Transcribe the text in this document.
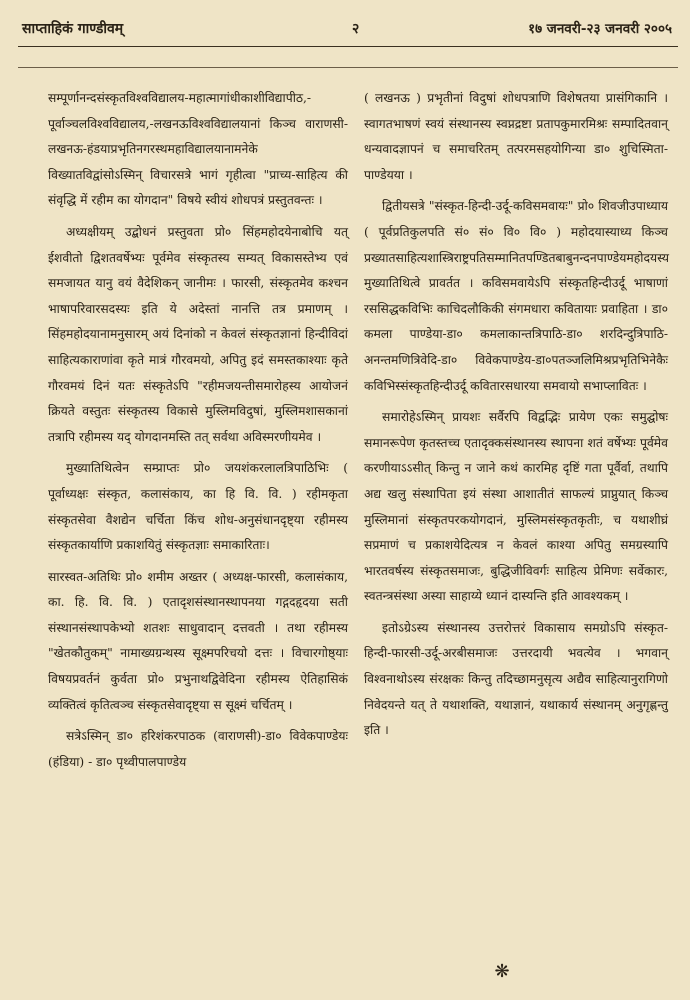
साप्ताहिकं गाण्डीवम्	२	१७ जनवरी-२३ जनवरी २००५

सम्पूर्णानन्दसंस्कृतविश्वविद्यालय-महात्मागांधीकाशीविद्यापीठ,-पूर्वाञ्चलविश्वविद्यालय,-लखनऊविश्वविद्यालयानां किञ्च वाराणसी-लखनऊ-हंडयाप्रभृतिनगरस्थमहाविद्यालयानामनेके विख्यातविद्वांसोऽस्मिन् विचारसत्रे भागं गृहीत्वा "प्राच्य-साहित्य की संवृद्धि में रहीम का योगदान" विषये स्वीयं शोधपत्रं प्रस्तुतवन्तः ।

अध्यक्षीयम् उद्बोधनं प्रस्तुवता प्रो० सिंहमहोदयेनाबोचि यत् ईशवीतो द्विशतवर्षेभ्यः पूर्वमेव संस्कृतस्य सम्यत् विकासस्तेभ्य एवं समजायत यानु वयं वैदेशिकन् जानीमः । फारसी, संस्कृतमेव कश्चन भाषापरिवारसदस्यः इति ये अदेस्तां नानत्ति तत्र प्रमाणम् । सिंहमहोदयानामनुसारम् अयं दिनांको न केवलं संस्कृतज्ञानां हिन्दीविदां साहित्यकाराणांवा कृते मात्रं गौरवमयो, अपितु इदं समस्तकाश्याः कृते गौरवमयं दिनं यतः संस्कृतेऽपि "रहीमजयन्तीसमारोहस्य आयोजनं क्रियते वस्तुतः संस्कृतस्य विकासे मुस्लिमविदुषां, मुस्लिमशासकानां तत्रापि रहीमस्य यद् योगदानमस्ति तत् सर्वथा अविस्मरणीयमेव ।

मुख्यातिथित्वेन सम्प्राप्तः प्रो० जयशंकरलालत्रिपाठिभिः ( पूर्वाध्यक्षः संस्कृत, कलासंकाय, का हि वि. वि. ) रहीमकृता संस्कृतसेवा वैशद्येन चर्चिता किंच शोध-अनुसंधानदृष्ट्या रहीमस्य संस्कृतकार्याणि प्रकाशयितुं संस्कृतज्ञाः समाकारिताः।

सारस्वत-अतिथिः प्रो० शमीम अख्तर ( अध्यक्ष-फारसी, कलासंकाय, का. हि. वि. वि. ) एतादृशसंस्थानस्थापनया गद्गदहृदया सती संस्थानसंस्थापकेभ्यो शतशः साधुवादान् दत्तवती । तथा रहीमस्य "खेतकौतुकम्" नामाख्यग्रन्थस्य सूक्ष्मपरिचयो दत्तः । विचारगोष्ठ्याः विषयप्रवर्तनं कुर्वता प्रो० प्रभुनाथद्विवेदिना रहीमस्य ऐतिहासिकं व्यक्तित्वं कृतित्वञ्च संस्कृतसेवादृष्ट्या स सूक्ष्मं चर्चितम् ।

सत्रेऽस्मिन् डा० हरिशंकरपाठक (वाराणसी)-डा० विवेकपाण्डेयः (हंडिया) - डा० पृथ्वीपालपाण्डेय

( लखनऊ ) प्रभृतीनां विदुषां शोधपत्राणि विशेषतया प्रासंगिकानि । स्वागतभाषणं स्वयं संस्थानस्य स्वप्नद्रष्टा प्रतापकुमारमिश्रः सम्पादितवान् धन्यवादज्ञापनं च समाचरितम् तत्परमसहयोगिन्या डा० शुचिस्मिता-पाण्डेयया ।

द्वितीयसत्रे "संस्कृत-हिन्दी-उर्दू-कविसमवायः" प्रो० शिवजीउपाध्याय ( पूर्वप्रतिकुलपति सं० सं० वि० वि० ) महोदयास्याध्य किञ्च प्रख्यातसाहित्यशास्त्रिराष्ट्रपतिसम्मानितपण्डितबाबुनन्दनपाण्डेयमहोदयस्य मुख्यातिथित्वे प्रावर्तत । कविसमवायेऽपि संस्कृतहिन्दीउर्दू भाषाणां रससिद्धकविभिः काचिदलौकिकी संगमधारा कवितायाः प्रवाहिता । डा० कमला पाण्डेया-डा० कमलाकान्तत्रिपाठि-डा० शरदिन्दुत्रिपाठि-अनन्तमणित्रिवेदि-डा० विवेकपाण्डेय-डा०पतञ्जलिमिश्रप्रभृतिभिनेकैः कविभिस्संस्कृतहिन्दीउर्दू कवितारसधारया समवायो सभाप्लावितः ।

समारोहेऽस्मिन् प्रायशः सर्वैरपि विद्वद्भिः प्रायेण एकः समुद्घोषः समानरूपेण कृतस्तच्च एतादृक्कसंस्थानस्य स्थापना शतं वर्षेभ्यः पूर्वमेव करणीयाऽऽसीत् किन्तु न जाने कथं कारमिह दृष्टिं गता पूर्वैर्वा, तथापि अद्य खलु संस्थापिता इयं संस्था आशातीतं साफल्यं प्राप्नुयात् किञ्च मुस्लिमानां संस्कृतपरकयोगदानं, मुस्लिमसंस्कृतकृतीः, च यथाशीघ्रं सप्रमाणं च प्रकाशयेदित्यत्र न केवलं काश्या अपितु समग्रस्यापि भारतवर्षस्य संस्कृतसमाजः, बुद्धिजीविवर्गः साहित्य प्रेमिणः सर्वेकारः, स्वतन्त्रसंस्था अस्या साहाय्ये ध्यानं दास्यन्ति इति आवश्यकम् ।

इतोऽग्रेऽस्य संस्थानस्य उत्तरोत्तरं विकासाय समग्रोऽपि संस्कृत-हिन्दी-फारसी-उर्दू-अरबीसमाजः उत्तरदायी भवत्येव । भगवान् विश्वनाथोऽस्य संरक्षकः किन्तु तदिच्छामनुसृत्य अद्यैव साहित्यानुरागिणो निवेदयन्ते यत् ते यथाशक्ति, यथाज्ञानं, यथाकार्य संस्थानम् अनुगृह्णन्तु इति ।

❋
